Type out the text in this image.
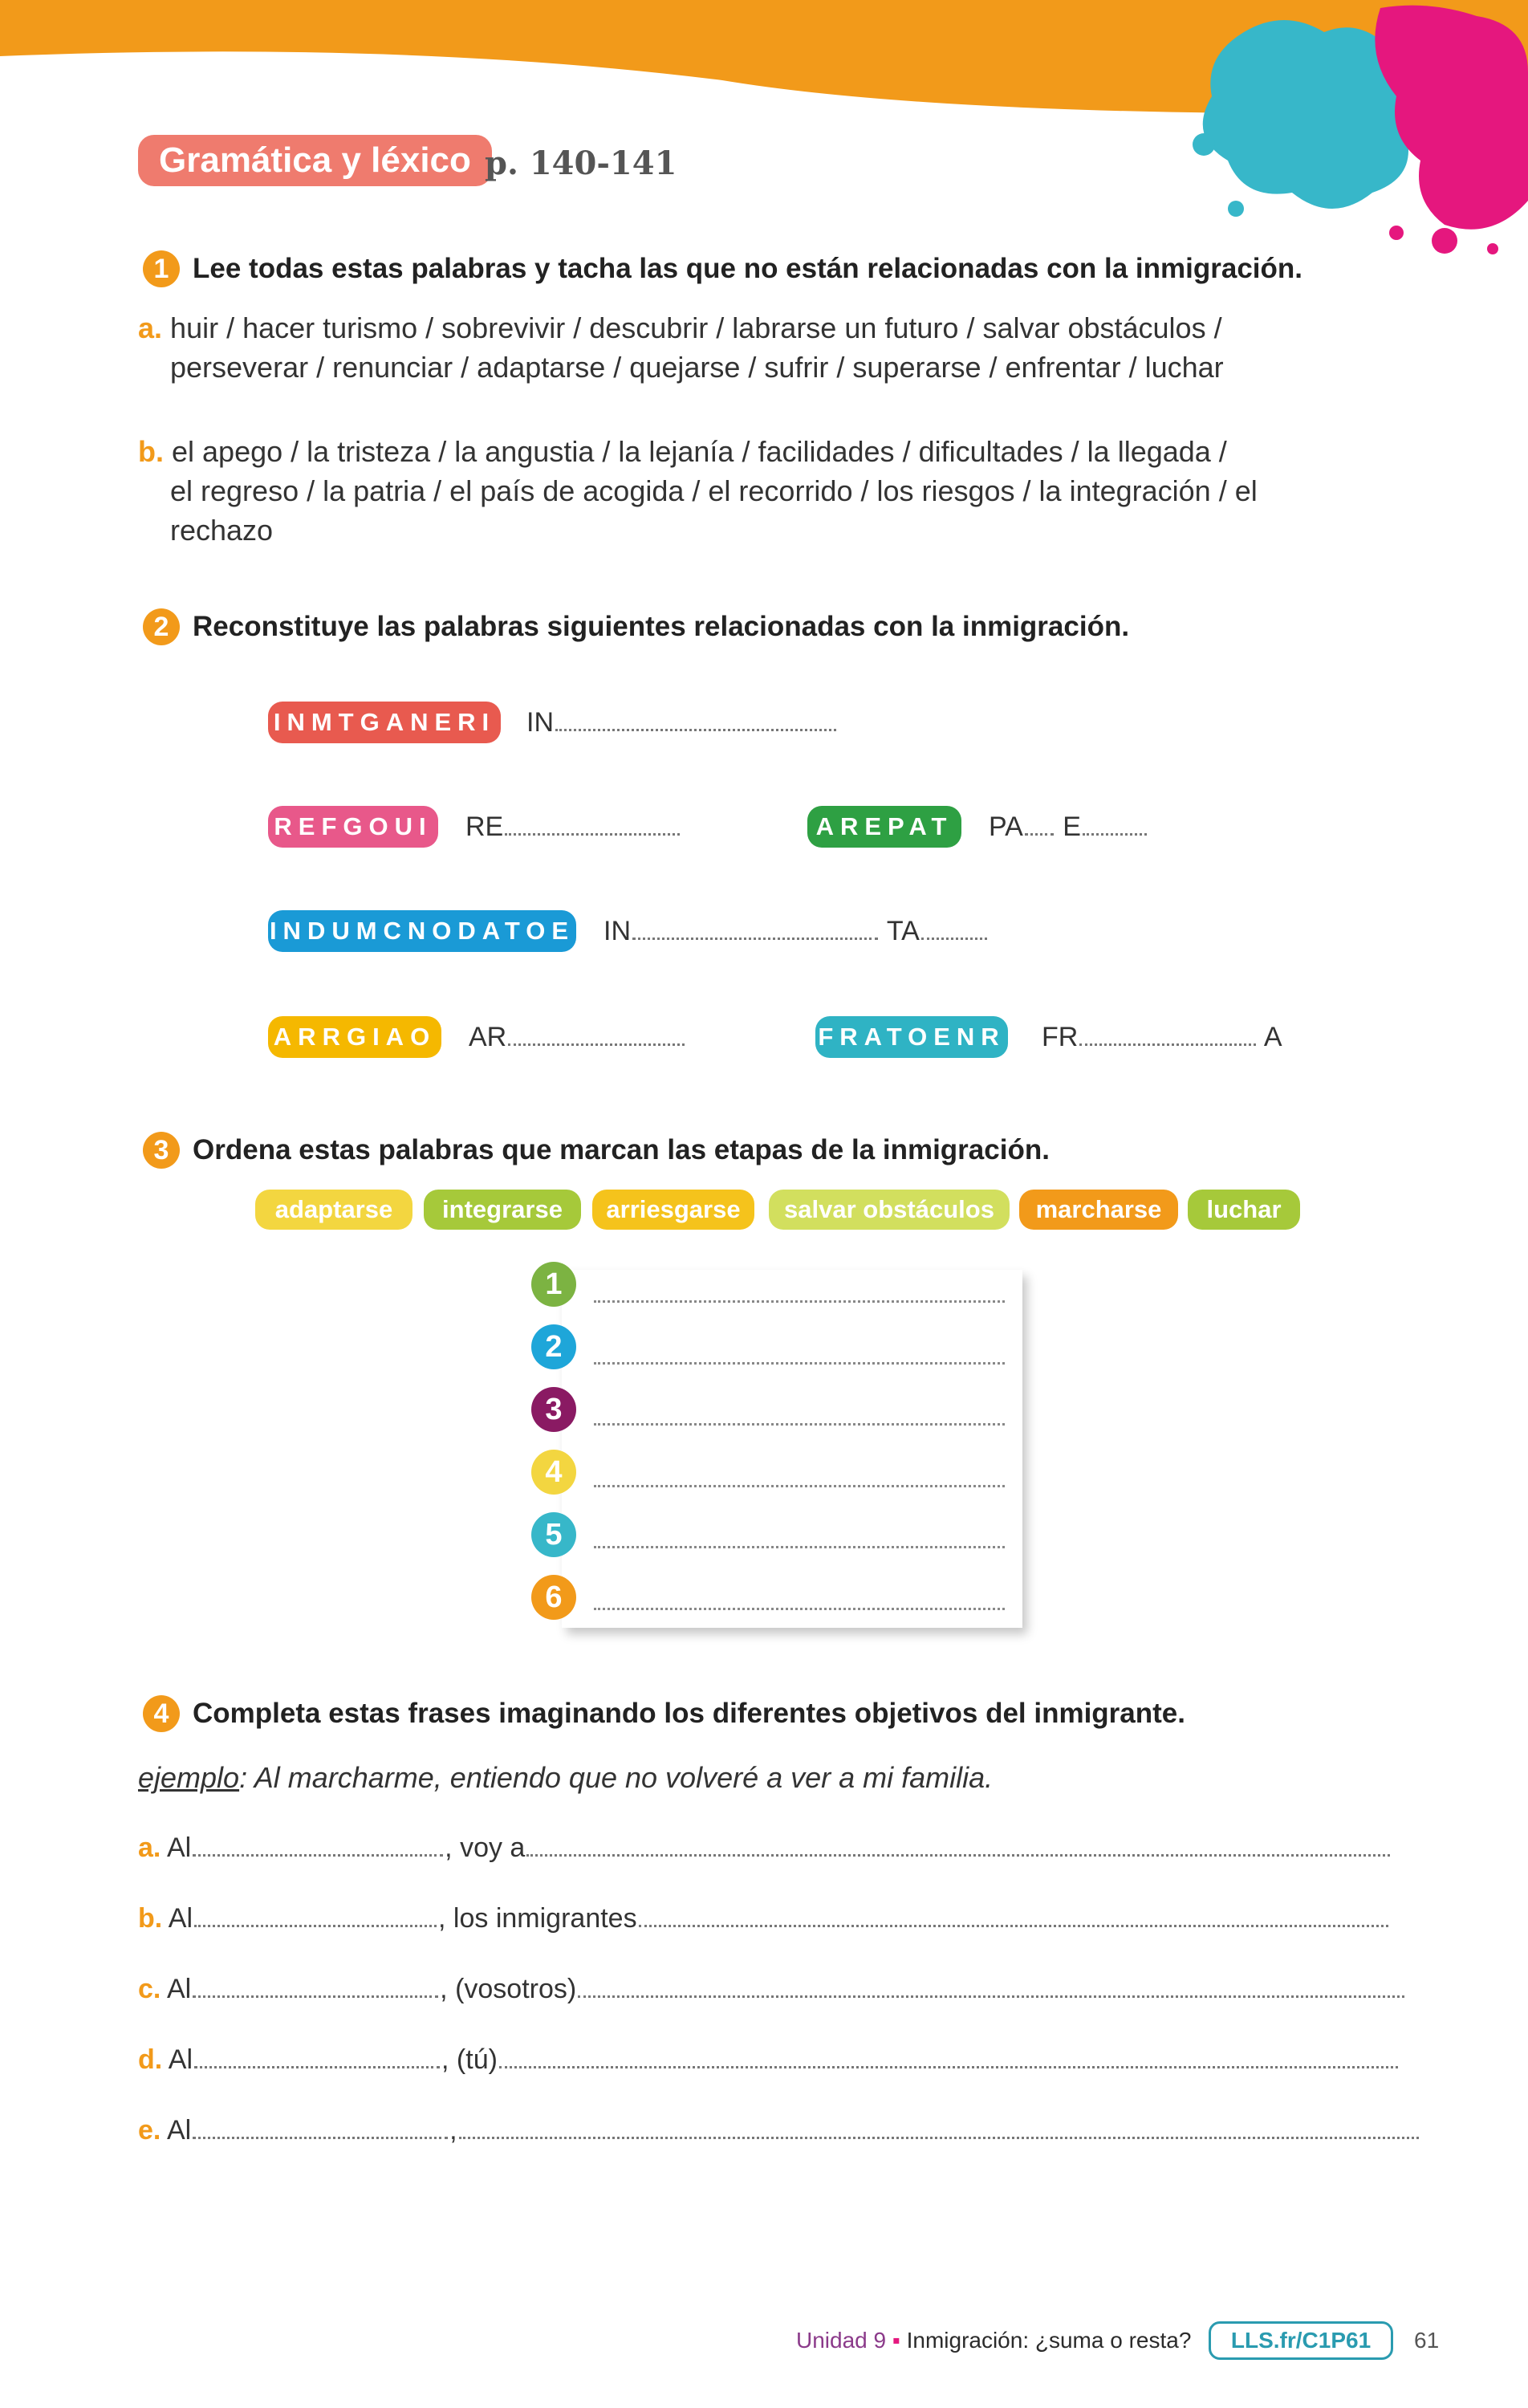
Gramática y léxico p. 140-141
1 Lee todas estas palabras y tacha las que no están relacionadas con la inmigración.
a. huir / hacer turismo / sobrevivir / descubrir / labrarse un futuro / salvar obstáculos /
perseverar / renunciar / adaptarse / quejarse / sufrir / superarse / enfrentar / luchar
b. el apego / la tristeza / la angustia / la lejanía / facilidades / dificultades / la llegada /
el regreso / la patria / el país de acogida / el recorrido / los riesgos / la integración / el
rechazo
2 Reconstituye las palabras siguientes relacionadas con la inmigración.
INMTGANERI IN
REFGOUI RE	AREPAT	PA E
INDUMCNODATOE IN	TA
ARRGIAO AR	FRATOENR FR	A
3 Ordena estas palabras que marcan las etapas de la inmigración.
adaptarse	integrarse	arriesgarse	salvar obstáculos	marcharse	luchar
1
2
3
4
5
6
4 Completa estas frases imaginando los diferentes objetivos del inmigrante.
ejemplo: Al marcharme, entiendo que no volveré a ver a mi familia.
a. Al	, voy a
b. Al	, los inmigrantes
c. Al	, (vosotros)
d. Al	, (tú)
e. Al	,
Unidad 9 ▪ Inmigración: ¿suma o resta?	LLS.fr/C1P61	61
